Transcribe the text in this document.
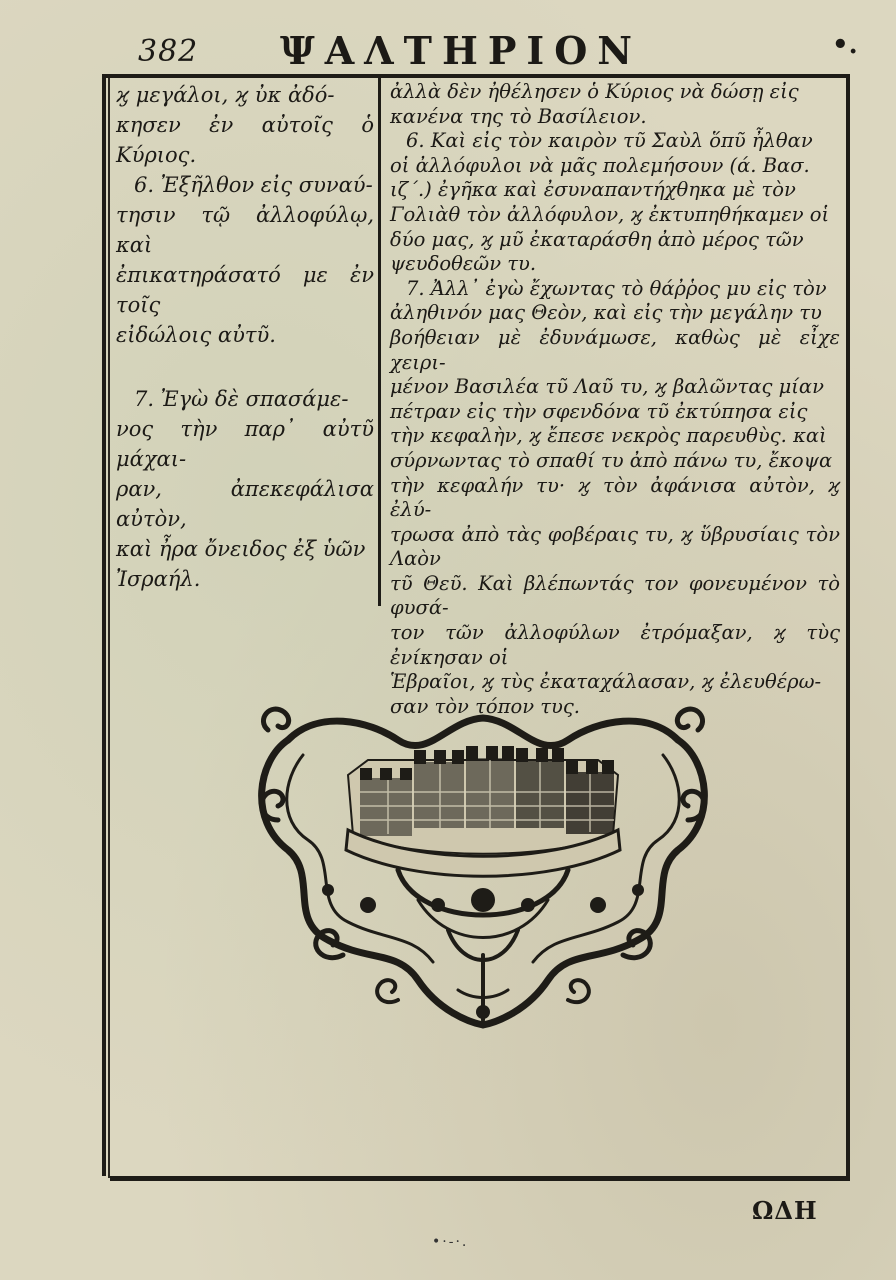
382 ΨΑΛΤΗΡΙΟΝ	•.

ϗ μεγάλοι, ϗ ὐκ ἀδό-

κησεν ἐν αὐτοῖς ὁ Κύριος.

6. Ἐξῆλθον εἰς συναύ-

τησιν τῷ ἀλλοφύλῳ, καὶ

ἐπικατηράσατό με ἐν τοῖς

εἰδώλοις αὐτῦ.

7. Ἐγὼ δὲ σπασάμε-

νος τὴν παρ᾽ αὐτῦ μάχαι-

ραν, ἀπεκεφάλισα αὐτὸν,

καὶ ἦρα ὄνειδος ἐξ ὑῶν

Ἰσραήλ.

ἀλλὰ δὲν ἠθέλησεν ὁ Κύριος νὰ δώσῃ εἰς

κανένα της τὸ Βασίλειον.

6. Καὶ εἰς τὸν καιρὸν τῦ Σαὺλ ὅπῦ ἦλθαν

οἱ ἀλλόφυλοι νὰ μᾶς πολεμήσουν (ά. Βασ.

ιζ΄.) ἐγῆκα καὶ ἐσυναπαντήχθηκα μὲ τὸν

Γολιὰθ τὸν ἀλλόφυλον, ϗ ἐκτυπηθήκαμεν οἱ

δύο μας, ϗ μῦ ἐκαταράσθη ἀπὸ μέρος τῶν

ψευδοθεῶν τυ.

7. Ἀλλ᾽ ἐγὼ ἔχωντας τὸ θάῤῥος μυ εἰς τὸν

ἀληθινόν μας Θεὸν, καὶ εἰς τὴν μεγάλην τυ

βοήθειαν μὲ ἐδυνάμωσε, καθὼς μὲ εἶχε χειρι-

μένον Βασιλέα τῦ Λαῦ τυ, ϗ βαλῶντας μίαν

πέτραν εἰς τὴν σφενδόνα τῦ ἐκτύπησα εἰς

τὴν κεφαλὴν, ϗ ἔπεσε νεκρὸς παρευθὺς. καὶ

σύρνωντας τὸ σπαθί τυ ἀπὸ πάνω τυ, ἔκοψα

τὴν κεφαλήν τυ· ϗ τὸν ἀφάνισα αὐτὸν, ϗ ἐλύ-

τρωσα ἀπὸ τὰς φοβέραις τυ, ϗ ὕβρυσίαις τὸν Λαὸν

τῦ Θεῦ. Καὶ βλέπωντάς τον φονευμένον τὸ φυσά-

τον τῶν ἀλλοφύλων ἐτρόμαξαν, ϗ τὺς ἐνίκησαν οἱ

Ἑβραῖοι, ϗ τὺς ἐκαταχάλασαν, ϗ ἐλευθέρω-

σαν τὸν τόπον τυς.

ΩΔΗ
•·-·.
